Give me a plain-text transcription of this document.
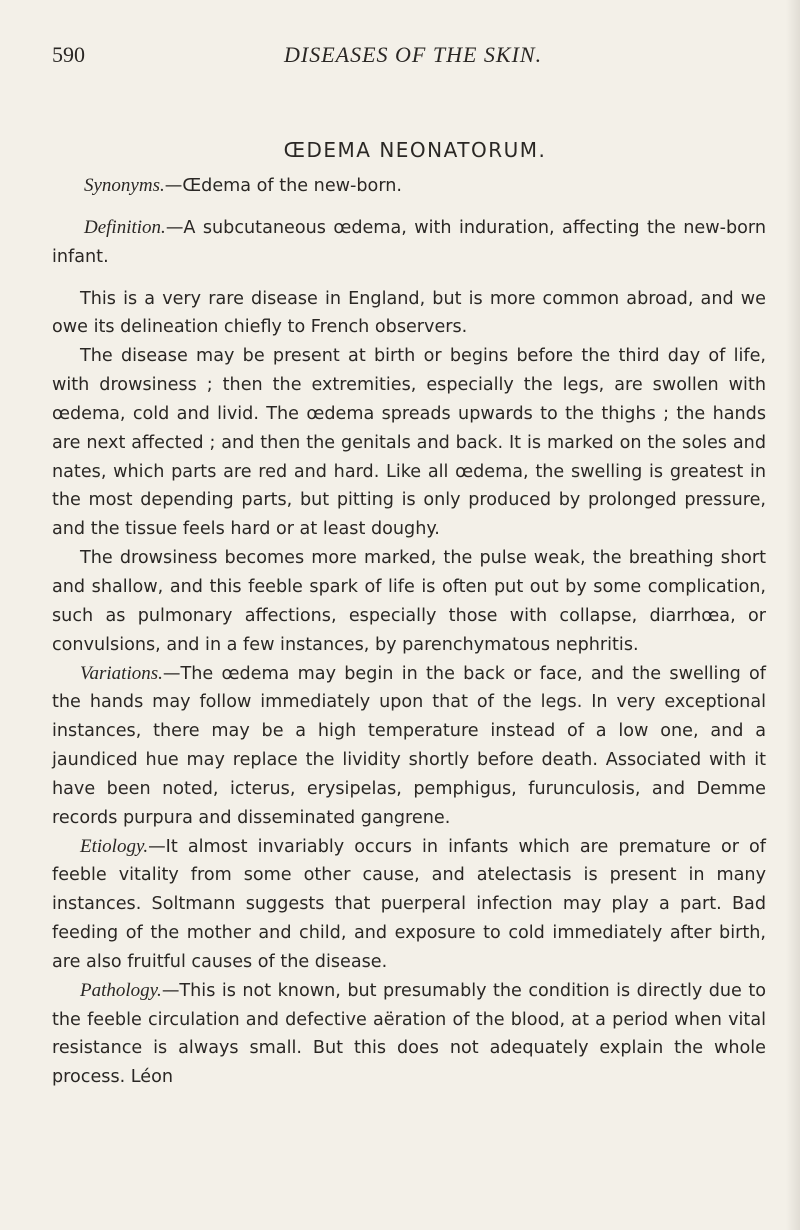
590	DISEASES OF THE SKIN.
ŒDEMA NEONATORUM.

Synonyms.—Œdema of the new-born.

Definition.—A subcutaneous œdema, with induration, affecting the new-born infant.

This is a very rare disease in England, but is more common abroad, and we owe its delineation chiefly to French observers.

The disease may be present at birth or begins before the third day of life, with drowsiness ; then the extremities, especially the legs, are swollen with œdema, cold and livid. The œdema spreads upwards to the thighs ; the hands are next affected ; and then the genitals and back. It is marked on the soles and nates, which parts are red and hard. Like all œdema, the swelling is greatest in the most depending parts, but pitting is only produced by prolonged pressure, and the tissue feels hard or at least doughy.

The drowsiness becomes more marked, the pulse weak, the breathing short and shallow, and this feeble spark of life is often put out by some complication, such as pulmonary affections, especially those with collapse, diarrhœa, or convulsions, and in a few instances, by parenchymatous nephritis.

Variations.—The œdema may begin in the back or face, and the swelling of the hands may follow immediately upon that of the legs. In very exceptional instances, there may be a high temperature instead of a low one, and a jaundiced hue may replace the lividity shortly before death. Associated with it have been noted, icterus, erysipelas, pemphigus, furunculosis, and Demme records purpura and disseminated gangrene.

Etiology.—It almost invariably occurs in infants which are premature or of feeble vitality from some other cause, and atelectasis is present in many instances. Soltmann suggests that puerperal infection may play a part. Bad feeding of the mother and child, and exposure to cold immediately after birth, are also fruitful causes of the disease.

Pathology.—This is not known, but presumably the condition is directly due to the feeble circulation and defective aëration of the blood, at a period when vital resistance is always small. But this does not adequately explain the whole process. Léon
